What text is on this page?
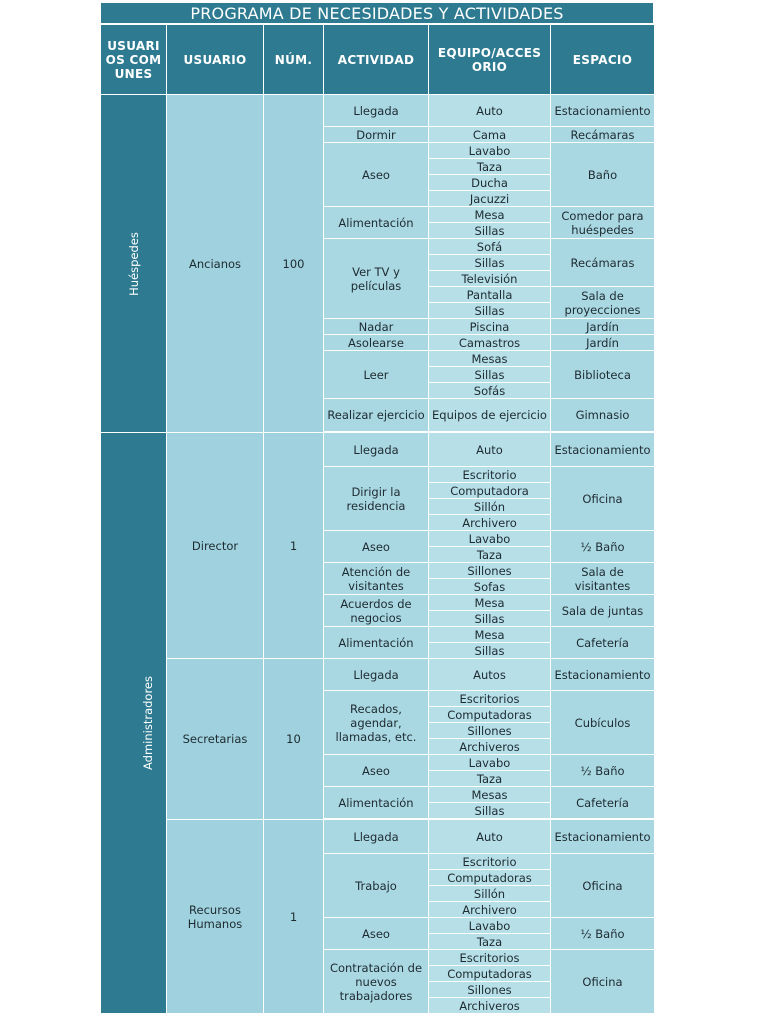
PROGRAMA DE NECESIDADES Y ACTIVIDADES
USUARIOS COMUNES	USUARIO	NÚM.	ACTIVIDAD	EQUIPO/ACCESORIO	ESPACIO
Huéspedes	Ancianos	100	Llegada	Auto	Estacionamiento
			Dormir	Cama	Recámaras
			Aseo	Lavabo	Baño
				Taza	
				Ducha	
				Jacuzzi	
			Alimentación	Mesa	Comedor para huéspedes
				Sillas	
			Ver TV y películas	Sofá	Recámaras
				Sillas	
				Televisión	
				Pantalla	Sala de proyecciones
				Sillas	
			Nadar	Piscina	Jardín
			Asolearse	Camastros	Jardín
			Leer	Mesas	Biblioteca
				Sillas	
				Sofás	
			Realizar ejercicio	Equipos de ejercicio	Gimnasio

Administradores	Director	1	Llegada	Auto	Estacionamiento
			Dirigir la residencia	Escritorio	Oficina
				Computadora	
				Sillón	
				Archivero	
			Aseo	Lavabo	½ Baño
				Taza	
			Atención de visitantes	Sillones	Sala de visitantes
				Sofas	
			Acuerdos de negocios	Mesa	Sala de juntas
				Sillas	
			Alimentación	Mesa	Cafetería
				Sillas	
	Secretarias	10	Llegada	Autos	Estacionamiento
			Recados, agendar, llamadas, etc.	Escritorios	Cubículos
				Computadoras	
				Sillones	
				Archiveros	
			Aseo	Lavabo	½ Baño
				Taza	
			Alimentación	Mesas	Cafetería
				Sillas	

	Recursos Humanos	1	Llegada	Auto	Estacionamiento
			Trabajo	Escritorio	Oficina
				Computadoras	
				Sillón	
				Archivero	
			Aseo	Lavabo	½ Baño
				Taza	
			Contratación de nuevos trabajadores	Escritorios	Oficina
				Computadoras	
				Sillones	
				Archiveros	
